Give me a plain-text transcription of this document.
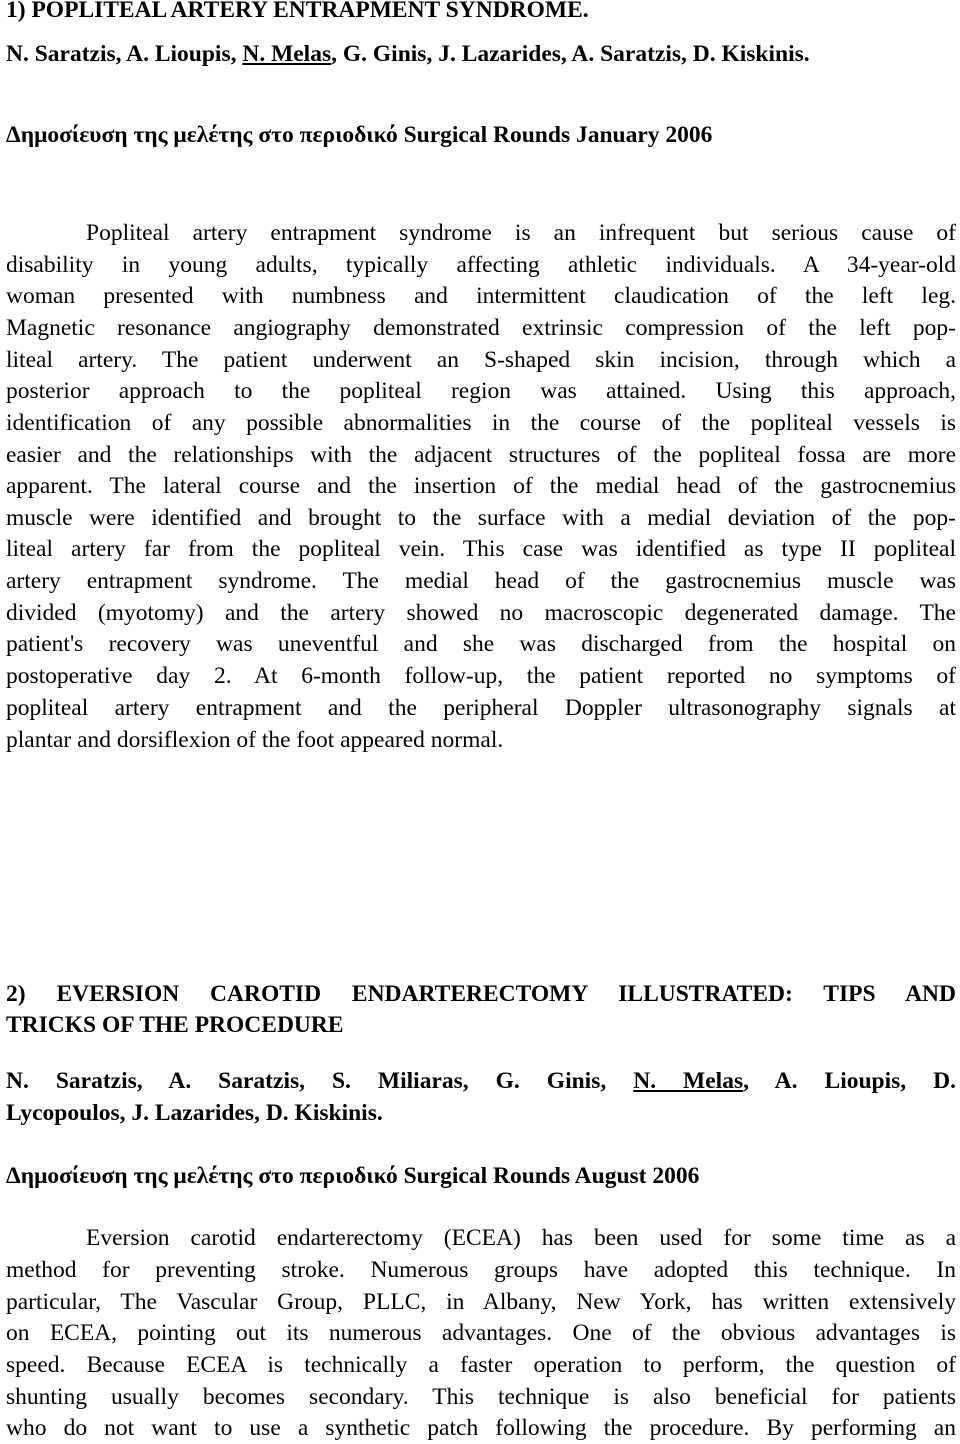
1) POPLITEAL ARTERY ENTRAPMENT SYNDROME.
N. Saratzis, A. Lioupis, N. Melas, G. Ginis, J. Lazarides, A. Saratzis, D. Kiskinis.
Δημοσίευση της μελέτης στο περιοδικό Surgical Rounds January 2006
Popliteal artery entrapment syndrome is an infrequent but serious cause of
disability in young adults, typically affecting athletic individuals. A 34-year-old
woman presented with numbness and intermittent claudication of the left leg.
Magnetic resonance angiography demonstrated extrinsic compression of the left pop-
liteal artery. The patient underwent an S-shaped skin incision, through which a
posterior approach to the popliteal region was attained. Using this approach,
identification of any possible abnormalities in the course of the popliteal vessels is
easier and the relationships with the adjacent structures of the popliteal fossa are more
apparent. The lateral course and the insertion of the medial head of the gastrocnemius
muscle were identified and brought to the surface with a medial deviation of the pop-
liteal artery far from the popliteal vein. This case was identified as type II popliteal
artery entrapment syndrome. The medial head of the gastrocnemius muscle was
divided (myotomy) and the artery showed no macroscopic degenerated damage. The
patient's recovery was uneventful and she was discharged from the hospital on
postoperative day 2. At 6-month follow-up, the patient reported no symptoms of
popliteal artery entrapment and the peripheral Doppler ultrasonography signals at
plantar and dorsiflexion of the foot appeared normal.
2) EVERSION CAROTID ENDARTERECTOMY ILLUSTRATED: TIPS AND
TRICKS OF THE PROCEDURE
N. Saratzis, A. Saratzis, S. Miliaras, G. Ginis, N. Melas, A. Lioupis, D.
Lycopoulos, J. Lazarides, D. Kiskinis.
Δημοσίευση της μελέτης στο περιοδικό Surgical Rounds August 2006
Eversion carotid endarterectomy (ECEA) has been used for some time as a
method for preventing stroke. Numerous groups have adopted this technique. In
particular, The Vascular Group, PLLC, in Albany, New York, has written extensively
on ECEA, pointing out its numerous advantages. One of the obvious advantages is
speed. Because ECEA is technically a faster operation to perform, the question of
shunting usually becomes secondary. This technique is also beneficial for patients
who do not want to use a synthetic patch following the procedure. By performing an
